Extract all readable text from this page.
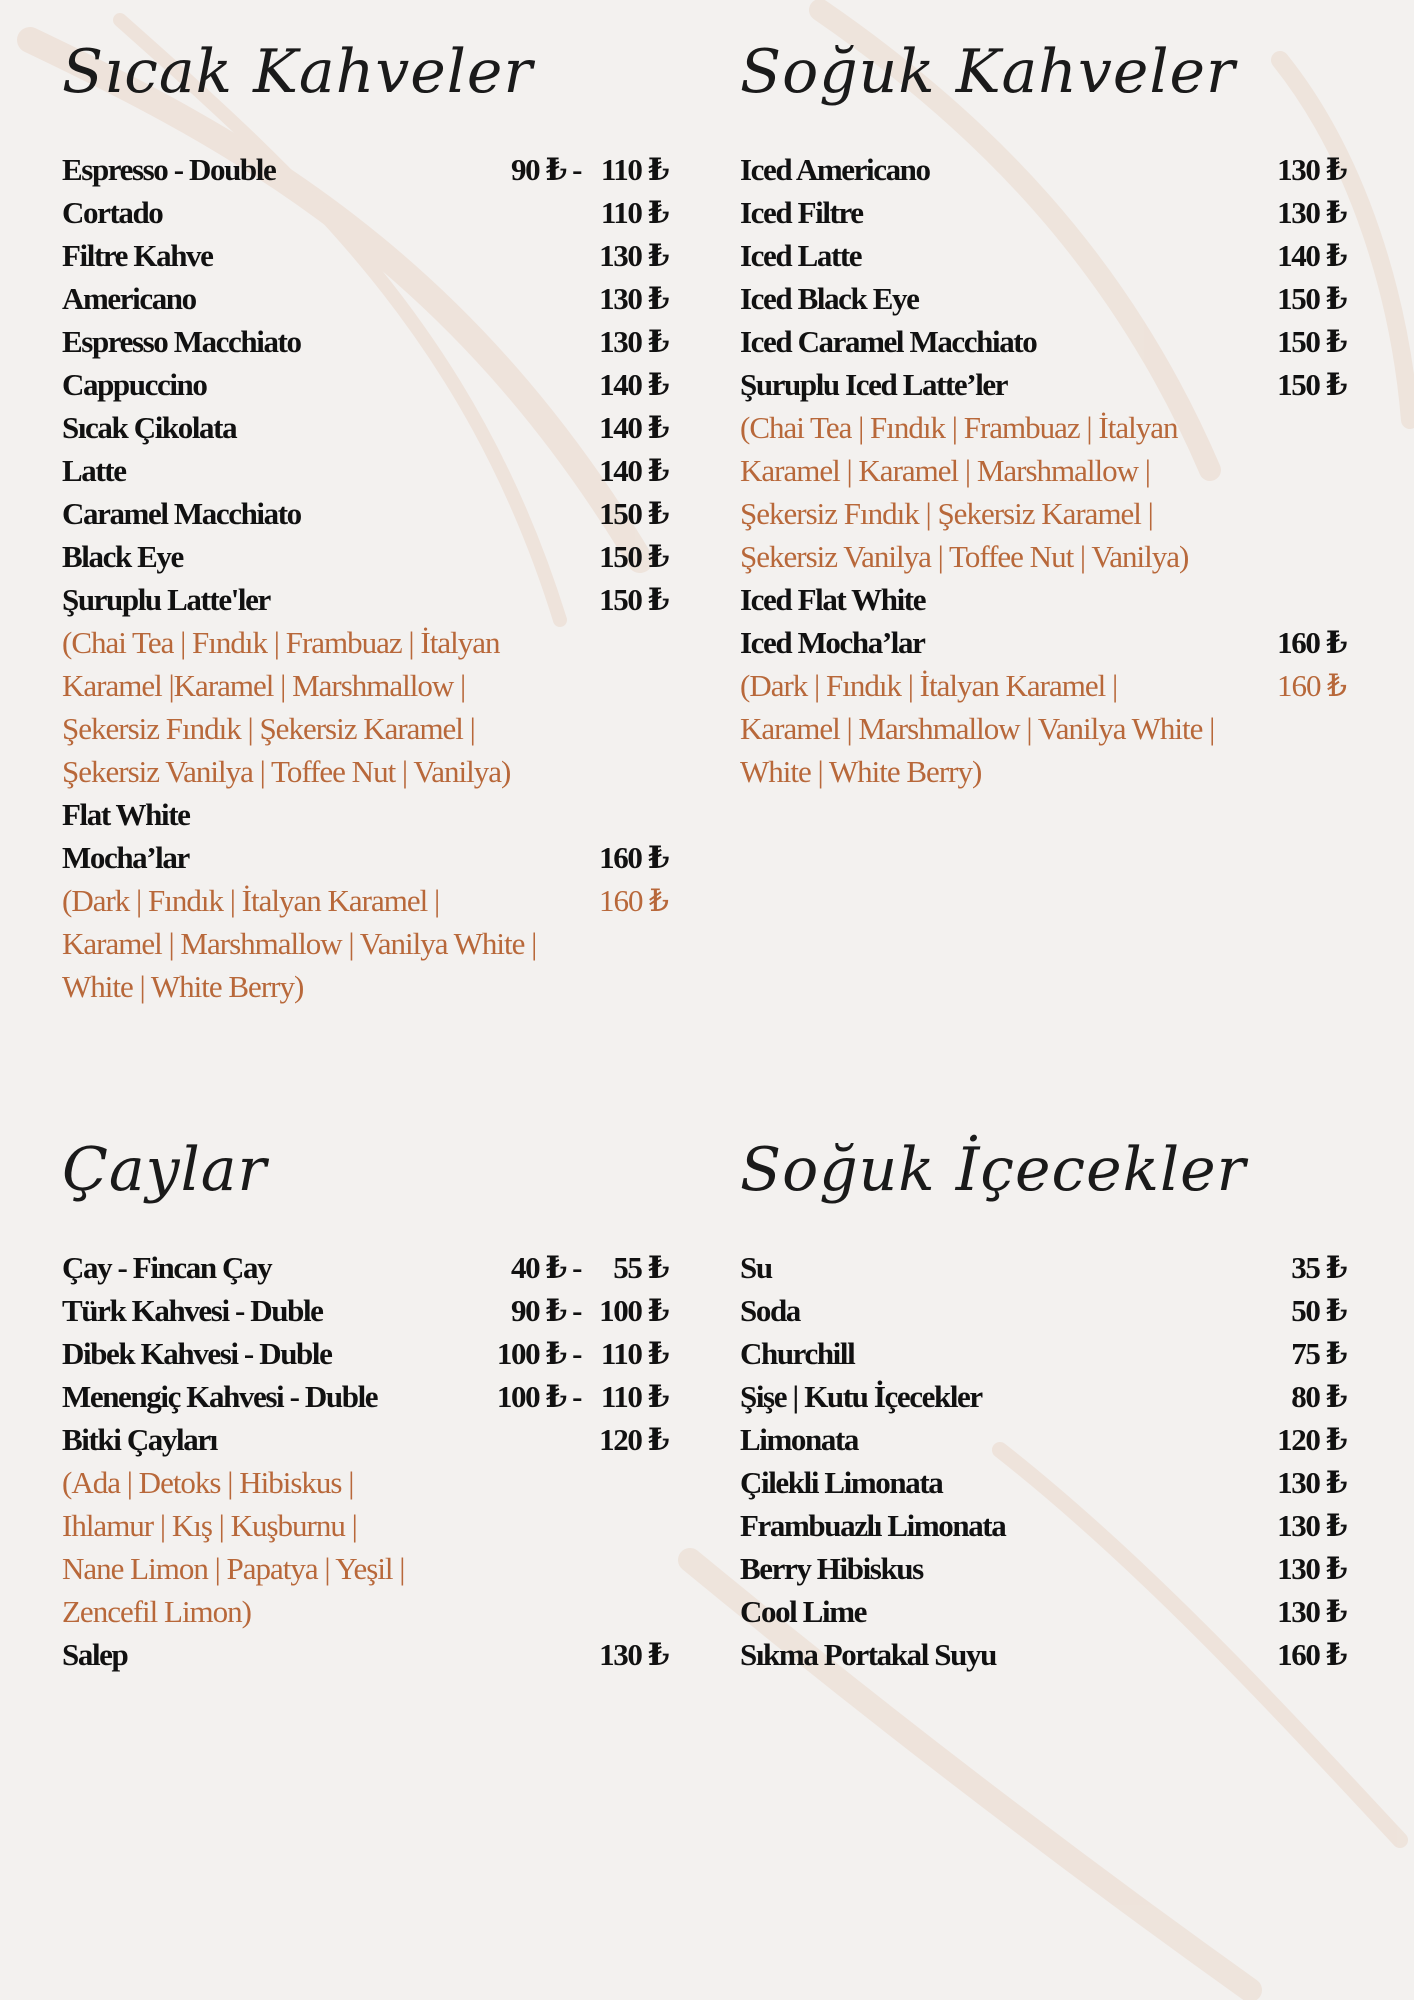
Sıcak Kahveler
Espresso - Double	90 ₺ - 110 ₺
Cortado	110 ₺
Filtre Kahve	130 ₺
Americano	130 ₺
Espresso Macchiato	130 ₺
Cappuccino	140 ₺
Sıcak Çikolata	140 ₺
Latte	140 ₺
Caramel Macchiato	150 ₺
Black Eye	150 ₺
Şuruplu Latte'ler	150 ₺
(Chai Tea | Fındık | Frambuaz | İtalyan
Karamel |Karamel | Marshmallow |
Şekersiz Fındık | Şekersiz Karamel |
Şekersiz Vanilya | Toffee Nut | Vanilya)
Flat White
Mocha’lar	160 ₺
(Dark | Fındık | İtalyan Karamel |	160 ₺
Karamel | Marshmallow | Vanilya White |
White | White Berry)
Soğuk Kahveler
Iced Americano	130 ₺
Iced Filtre	130 ₺
Iced Latte	140 ₺
Iced Black Eye	150 ₺
Iced Caramel Macchiato	150 ₺
Şuruplu Iced Latte’ler	150 ₺
(Chai Tea | Fındık | Frambuaz | İtalyan
Karamel | Karamel | Marshmallow |
Şekersiz Fındık | Şekersiz Karamel |
Şekersiz Vanilya | Toffee Nut | Vanilya)
Iced Flat White
Iced Mocha’lar	160 ₺
(Dark | Fındık | İtalyan Karamel |	160 ₺
Karamel | Marshmallow | Vanilya White |
White | White Berry)
Çaylar
Çay - Fincan Çay	40 ₺ - 55 ₺
Türk Kahvesi - Duble	90 ₺ - 100 ₺
Dibek Kahvesi - Duble	100 ₺ - 110 ₺
Menengiç Kahvesi - Duble	100 ₺ - 110 ₺
Bitki Çayları	120 ₺
(Ada | Detoks | Hibiskus |
Ihlamur | Kış | Kuşburnu |
Nane Limon | Papatya | Yeşil |
Zencefil Limon)
Salep	130 ₺
Soğuk İçecekler
Su	35 ₺
Soda	50 ₺
Churchill	75 ₺
Şişe | Kutu İçecekler	80 ₺
Limonata	120 ₺
Çilekli Limonata	130 ₺
Frambuazlı Limonata	130 ₺
Berry Hibiskus	130 ₺
Cool Lime	130 ₺
Sıkma Portakal Suyu	160 ₺
